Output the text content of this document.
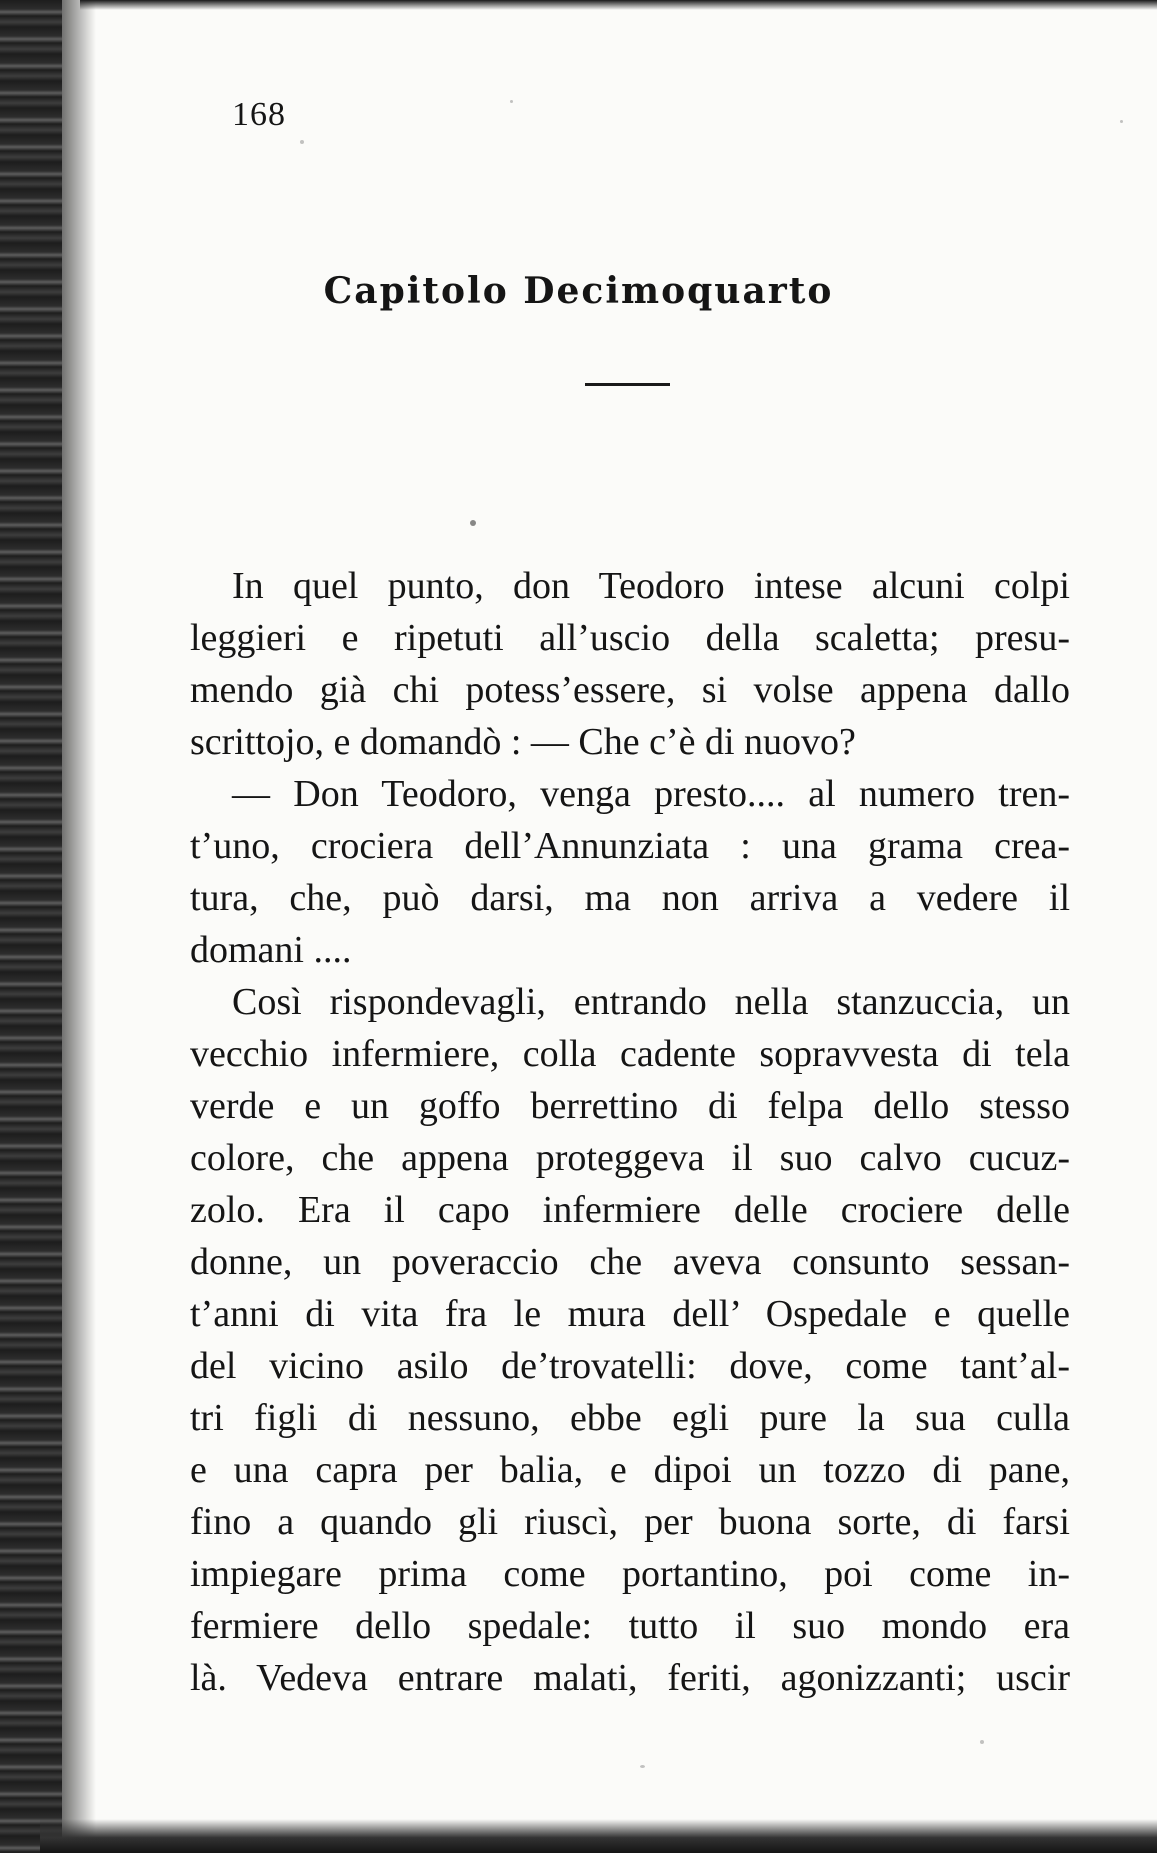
168
Capitolo Decimoquarto
In quel punto, don Teodoro intese alcuni colpi
leggieri e ripetuti all’uscio della scaletta; presu-
mendo già chi potess’essere, si volse appena dallo
scrittojo, e domandò : — Che c’è di nuovo?
— Don Teodoro, venga presto.... al numero tren-
t’uno, crociera dell’Annunziata : una grama crea-
tura, che, può darsi, ma non arriva a vedere il
domani ....
Così rispondevagli, entrando nella stanzuccia, un
vecchio infermiere, colla cadente sopravvesta di tela
verde e un goffo berrettino di felpa dello stesso
colore, che appena proteggeva il suo calvo cucuz-
zolo. Era il capo infermiere delle crociere delle
donne, un poveraccio che aveva consunto sessan-
t’anni di vita fra le mura dell’ Ospedale e quelle
del vicino asilo de’trovatelli: dove, come tant’al-
tri figli di nessuno, ebbe egli pure la sua culla
e una capra per balia, e dipoi un tozzo di pane,
fino a quando gli riuscì, per buona sorte, di farsi
impiegare prima come portantino, poi come in-
fermiere dello spedale: tutto il suo mondo era
là. Vedeva entrare malati, feriti, agonizzanti; uscir
